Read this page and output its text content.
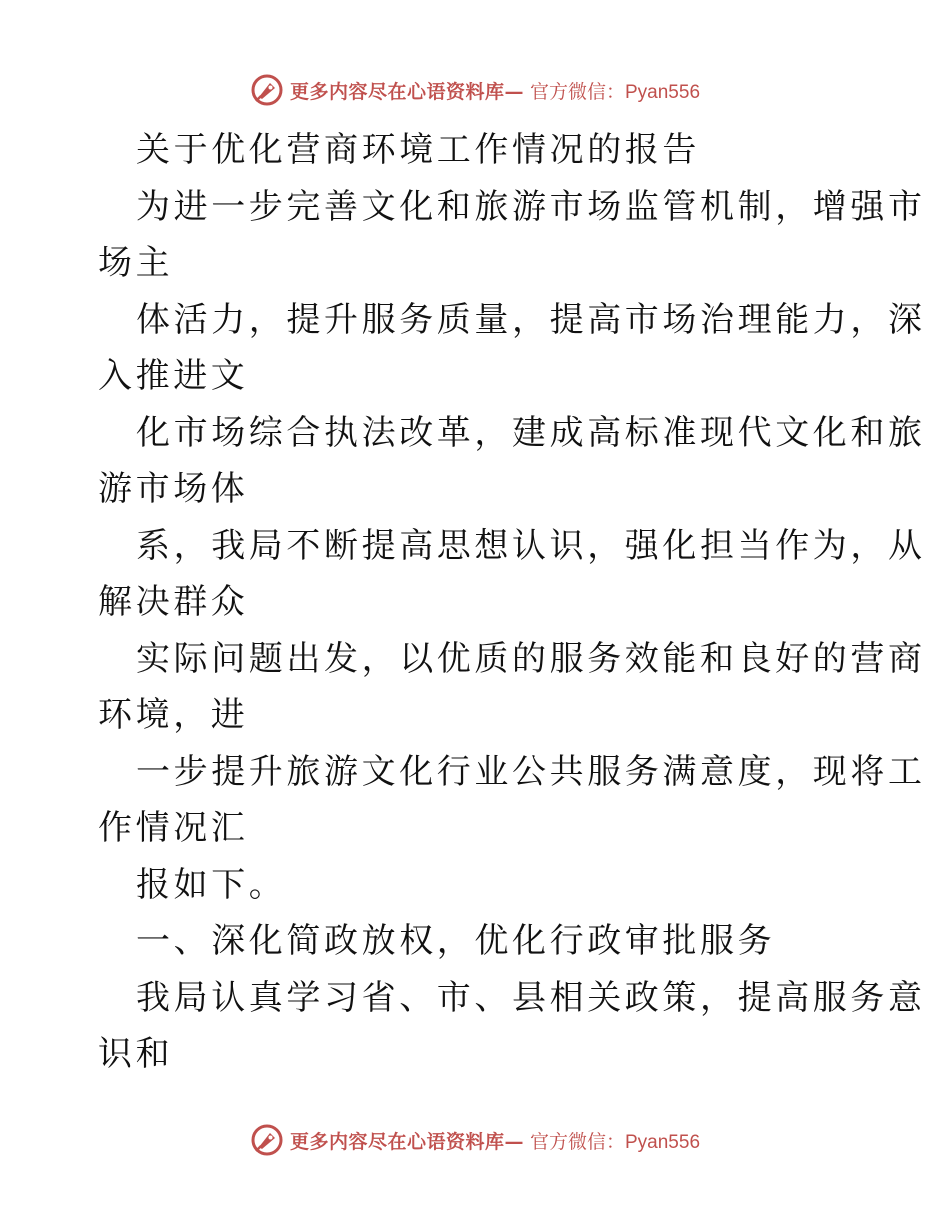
更多内容尽在心语资料库— 官方微信：Pyan556
关于优化营商环境工作情况的报告
为进一步完善文化和旅游市场监管机制，增强市
场主
体活力，提升服务质量，提高市场治理能力，深
入推进文
化市场综合执法改革，建成高标准现代文化和旅
游市场体
系，我局不断提高思想认识，强化担当作为，从
解决群众
实际问题出发，以优质的服务效能和良好的营商
环境，进
一步提升旅游文化行业公共服务满意度，现将工
作情况汇
报如下。
一、深化简政放权，优化行政审批服务
我局认真学习省、市、县相关政策，提高服务意
识和
更多内容尽在心语资料库— 官方微信：Pyan556
